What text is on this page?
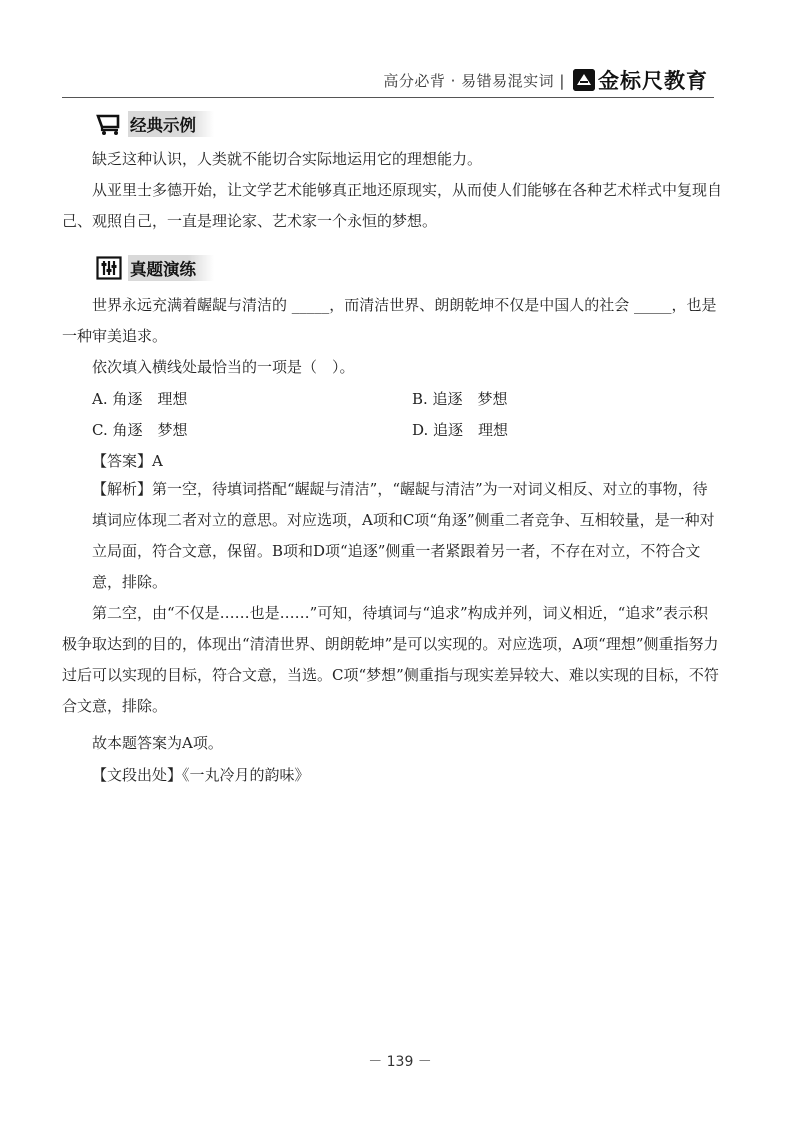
高分必背 · 易错易混实词 | 金标尺教育
经典示例
缺乏这种认识，人类就不能切合实际地运用它的理想能力。
从亚里士多德开始，让文学艺术能够真正地还原现实，从而使人们能够在各种艺术样式中复现自己、观照自己，一直是理论家、艺术家一个永恒的梦想。
真题演练
世界永远充满着龌龊与清洁的 _____，而清洁世界、朗朗乾坤不仅是中国人的社会 _____，也是一种审美追求。
依次填入横线处最恰当的一项是（　）。
A. 角逐　理想	B. 追逐　梦想
C. 角逐　梦想	D. 追逐　理想
【答案】A
【解析】第一空，待填词搭配“龌龊与清洁”，“龌龊与清洁”为一对词义相反、对立的事物，待填词应体现二者对立的意思。对应选项，A项和C项“角逐”侧重二者竞争、互相较量，是一种对立局面，符合文意，保留。B项和D项“追逐”侧重一者紧跟着另一者，不存在对立，不符合文意，排除。
第二空，由“不仅是……也是……”可知，待填词与“追求”构成并列，词义相近，“追求”表示积极争取达到的目的，体现出“清清世界、朗朗乾坤”是可以实现的。对应选项，A项“理想”侧重指努力过后可以实现的目标，符合文意，当选。C项“梦想”侧重指与现实差异较大、难以实现的目标，不符合文意，排除。
故本题答案为A项。
【文段出处】《一丸冷月的韵味》
－ 139 －
